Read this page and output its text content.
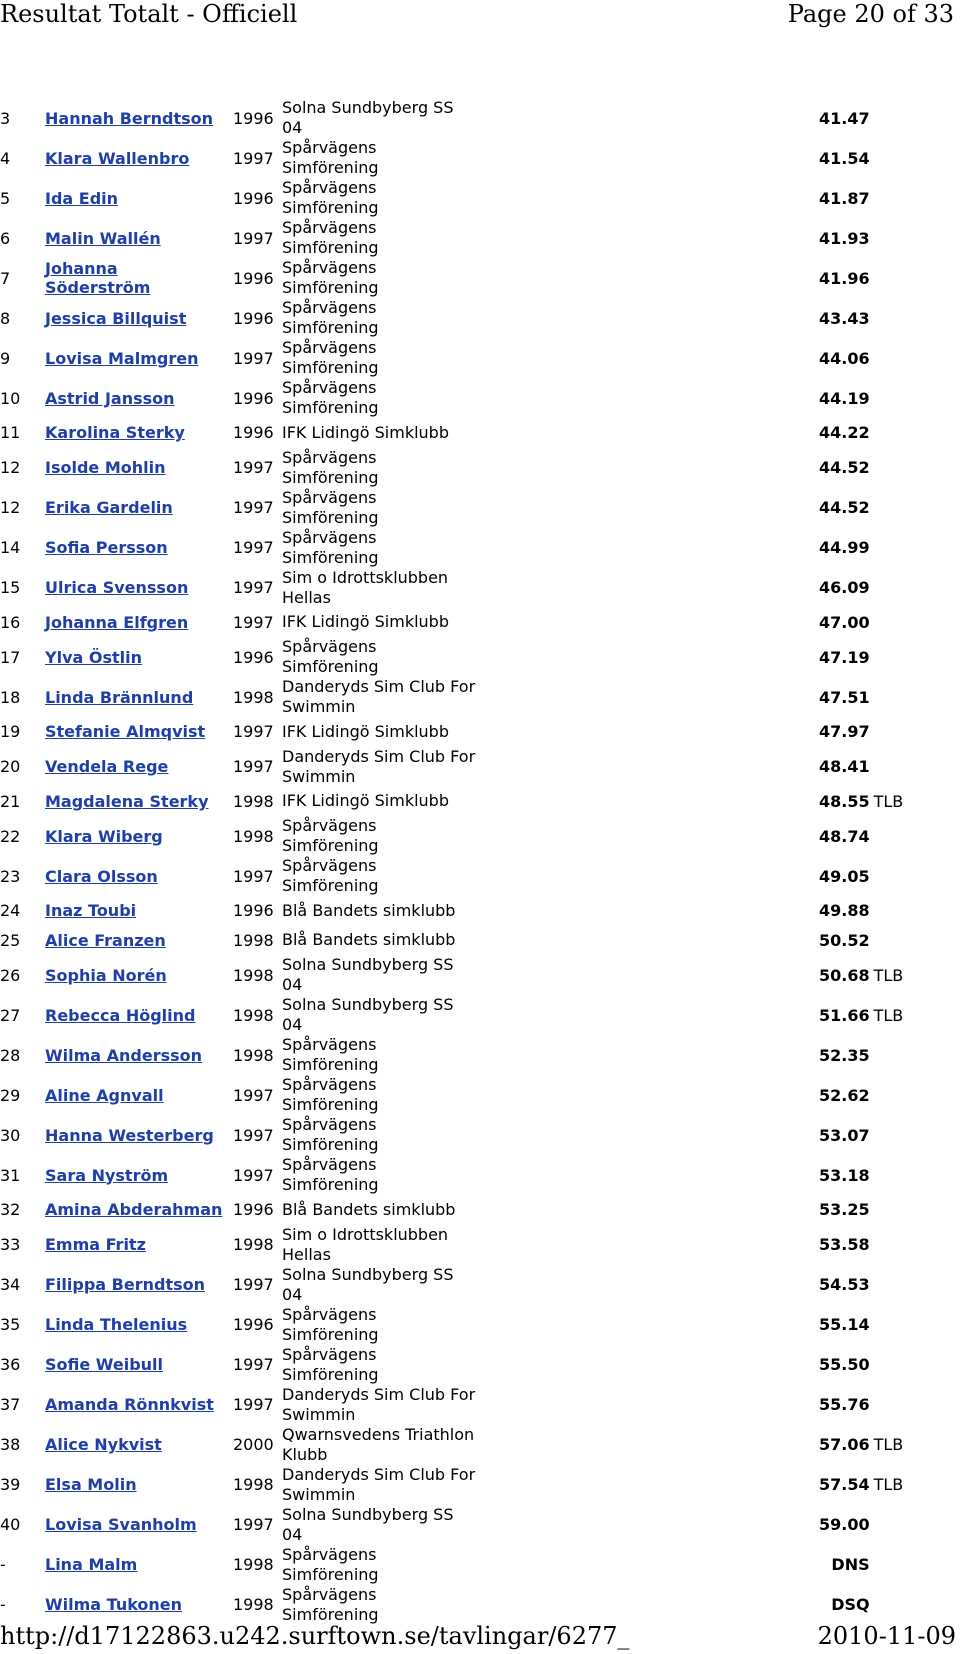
Resultat Totalt - Officiell	Page 20 of 33
3	Hannah Berndtson	1996	Solna Sundbyberg SS 04		41.47	
4	Klara Wallenbro	1997	Spårvägens Simförening		41.54	
5	Ida Edin	1996	Spårvägens Simförening		41.87	
6	Malin Wallén	1997	Spårvägens Simförening		41.93	
7	Johanna Söderström	1996	Spårvägens Simförening		41.96	
8	Jessica Billquist	1996	Spårvägens Simförening		43.43	
9	Lovisa Malmgren	1997	Spårvägens Simförening		44.06	
10	Astrid Jansson	1996	Spårvägens Simförening		44.19	
11	Karolina Sterky	1996	IFK Lidingö Simklubb		44.22	
12	Isolde Mohlin	1997	Spårvägens Simförening		44.52	
12	Erika Gardelin	1997	Spårvägens Simförening		44.52	
14	Sofia Persson	1997	Spårvägens Simförening		44.99	
15	Ulrica Svensson	1997	Sim o Idrottsklubben Hellas		46.09	
16	Johanna Elfgren	1997	IFK Lidingö Simklubb		47.00	
17	Ylva Östlin	1996	Spårvägens Simförening		47.19	
18	Linda Brännlund	1998	Danderyds Sim Club For Swimmin		47.51	
19	Stefanie Almqvist	1997	IFK Lidingö Simklubb		47.97	
20	Vendela Rege	1997	Danderyds Sim Club For Swimmin		48.41	
21	Magdalena Sterky	1998	IFK Lidingö Simklubb		48.55	TLB
22	Klara Wiberg	1998	Spårvägens Simförening		48.74	
23	Clara Olsson	1997	Spårvägens Simförening		49.05	
24	Inaz Toubi	1996	Blå Bandets simklubb		49.88	
25	Alice Franzen	1998	Blå Bandets simklubb		50.52	
26	Sophia Norén	1998	Solna Sundbyberg SS 04		50.68	TLB
27	Rebecca Höglind	1998	Solna Sundbyberg SS 04		51.66	TLB
28	Wilma Andersson	1998	Spårvägens Simförening		52.35	
29	Aline Agnvall	1997	Spårvägens Simförening		52.62	
30	Hanna Westerberg	1997	Spårvägens Simförening		53.07	
31	Sara Nyström	1997	Spårvägens Simförening		53.18	
32	Amina Abderahman	1996	Blå Bandets simklubb		53.25	
33	Emma Fritz	1998	Sim o Idrottsklubben Hellas		53.58	
34	Filippa Berndtson	1997	Solna Sundbyberg SS 04		54.53	
35	Linda Thelenius	1996	Spårvägens Simförening		55.14	
36	Sofie Weibull	1997	Spårvägens Simförening		55.50	
37	Amanda Rönnkvist	1997	Danderyds Sim Club For Swimmin		55.76	
38	Alice Nykvist	2000	Qwarnsvedens Triathlon Klubb		57.06	TLB
39	Elsa Molin	1998	Danderyds Sim Club For Swimmin		57.54	TLB
40	Lovisa Svanholm	1997	Solna Sundbyberg SS 04		59.00	
-	Lina Malm	1998	Spårvägens Simförening		DNS	
-	Wilma Tukonen	1998	Spårvägens Simförening		DSQ	
http://d17122863.u242.surftown.se/tavlingar/6277_	2010-11-09
